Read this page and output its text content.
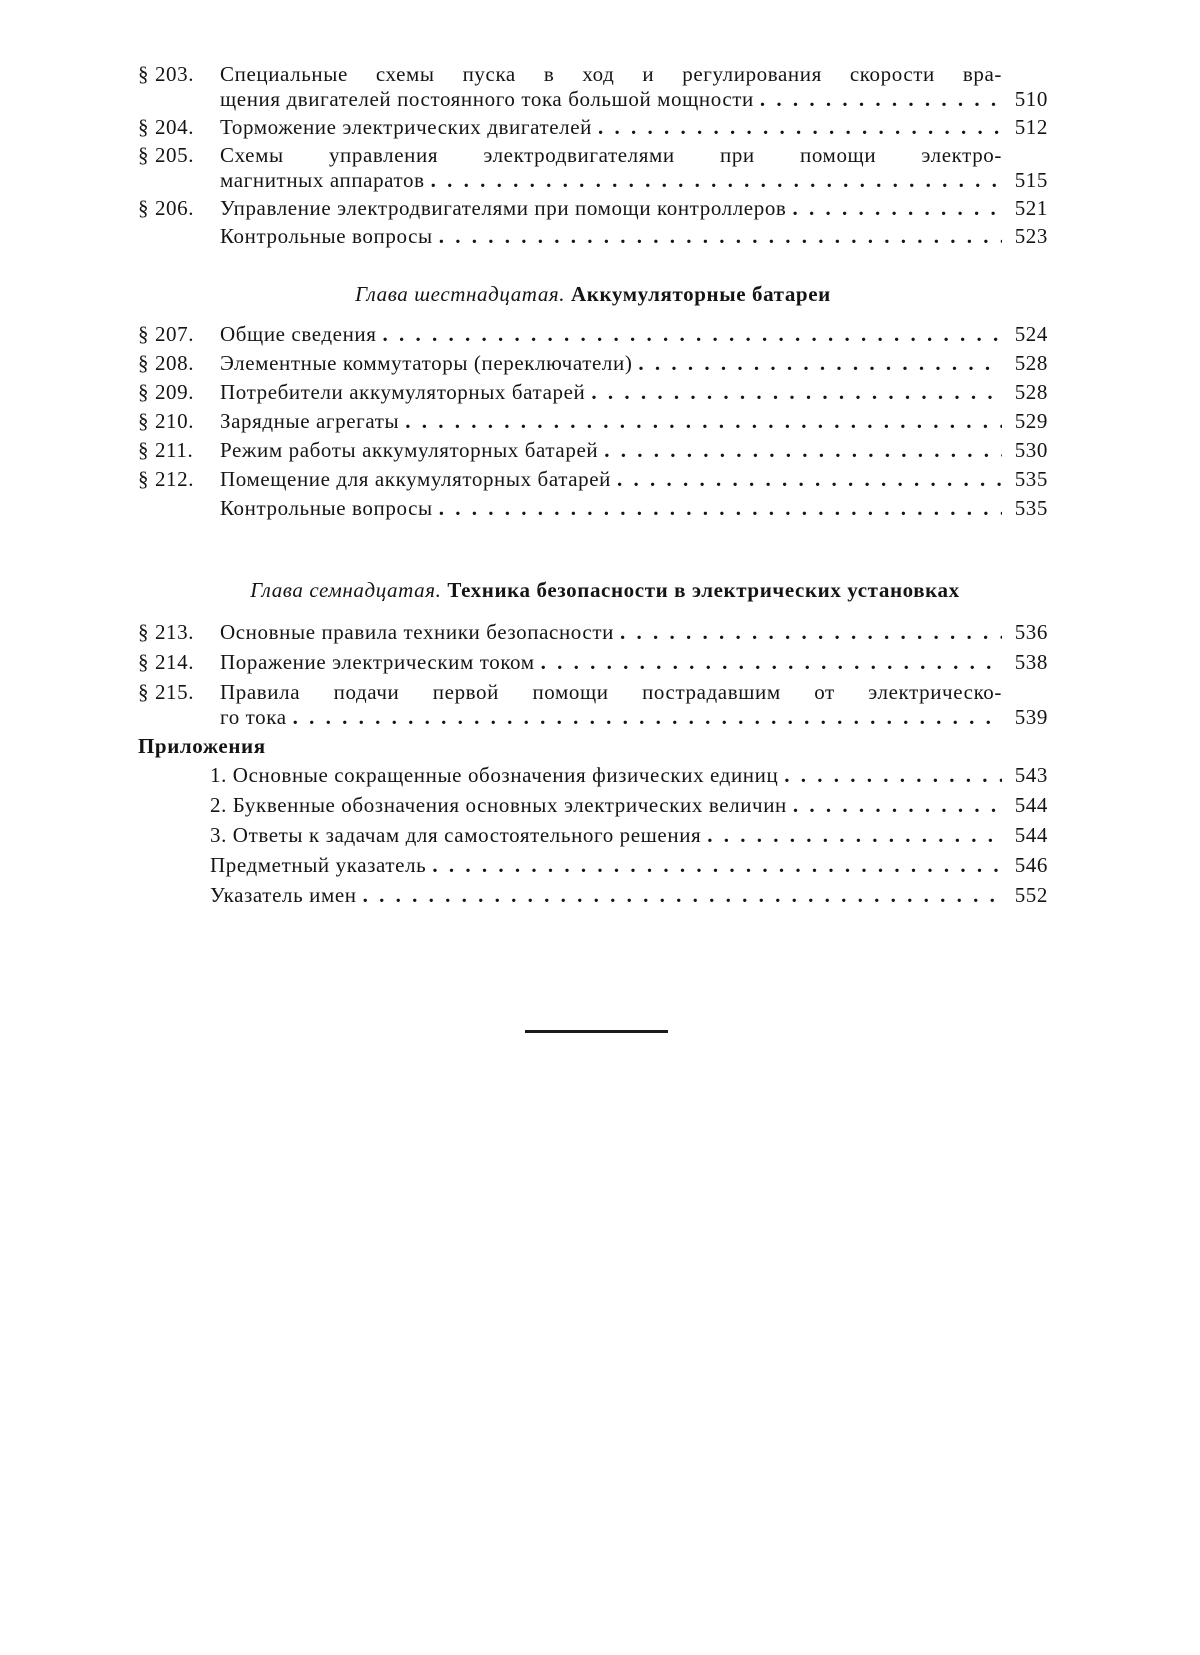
§ 203.	Специальные схемы пуска в ход и регулирования скорости вра-
щения двигателей постоянного тока большой мощности
. . .	510
§ 204.	Торможение электрических двигателей
. . .	512
§ 205.	Схемы управления электродвигателями при помощи электро-
магнитных аппаратов
. . .	515
§ 206.	Управление электродвигателями при помощи контроллеров
. . .	521
Контрольные вопросы
. . .	523
Глава шестнадцатая. Аккумуляторные батареи
§ 207.	Общие сведения
. . .	524
§ 208.	Элементные коммутаторы (переключатели)
. . .	528
§ 209.	Потребители аккумуляторных батарей
. . .	528
§ 210.	Зарядные агрегаты
. . .	529
§ 211.	Режим работы аккумуляторных батарей
. . .	530
§ 212.	Помещение для аккумуляторных батарей
. . .	535
Контрольные вопросы
. . .	535
Глава семнадцатая. Техника безопасности в электрических установках
§ 213.	Основные правила техники безопасности
. . .	536
§ 214.	Поражение электрическим током
. . .	538
§ 215.	Правила подачи первой помощи пострадавшим от электрическо-
го тока
. . .	539
Приложения
1. Основные сокращенные обозначения физических единиц
. . .	543
2. Буквенные обозначения основных электрических величин
. . .	544
3. Ответы к задачам для самостоятельного решения
. . .	544
Предметный указатель
. . .	546
Указатель имен
. . .	552
